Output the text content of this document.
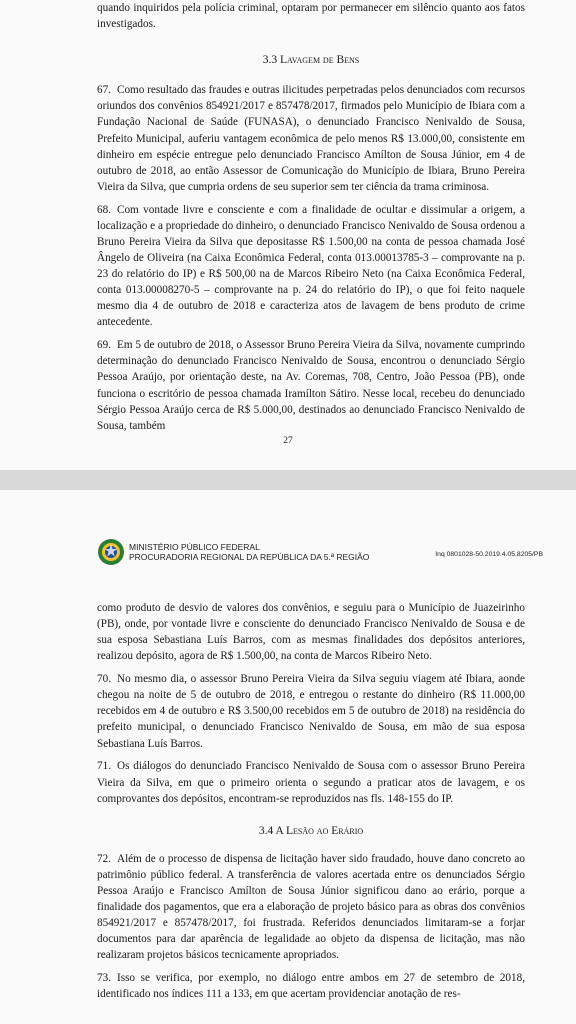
quando inquiridos pela polícia criminal, optaram por permanecer em silêncio quanto aos fatos investigados.

3.3 Lavagem de Bens

67. Como resultado das fraudes e outras ilicitudes perpetradas pelos denunciados com recursos oriundos dos convênios 854921/2017 e 857478/2017, firmados pelo Município de Ibiara com a Fundação Nacional de Saúde (FUNASA), o denunciado Francisco Nenivaldo de Sousa, Prefeito Municipal, auferiu vantagem econômica de pelo menos R$ 13.000,00, consistente em dinheiro em espécie entregue pelo denunciado Francisco Amílton de Sousa Júnior, em 4 de outubro de 2018, ao então Assessor de Comunicação do Município de Ibiara, Bruno Pereira Vieira da Silva, que cumpria ordens de seu superior sem ter ciência da trama criminosa.

68. Com vontade livre e consciente e com a finalidade de ocultar e dissimular a origem, a localização e a propriedade do dinheiro, o denunciado Francisco Nenivaldo de Sousa ordenou a Bruno Pereira Vieira da Silva que depositasse R$ 1.500,00 na conta de pessoa chamada José Ângelo de Oliveira (na Caixa Econômica Federal, conta 013.00013785-3 – comprovante na p. 23 do relatório do IP) e R$ 500,00 na de Marcos Ribeiro Neto (na Caixa Econômica Federal, conta 013.00008270-5 – comprovante na p. 24 do relatório do IP), o que foi feito naquele mesmo dia 4 de outubro de 2018 e caracteriza atos de lavagem de bens produto de crime antecedente.

69. Em 5 de outubro de 2018, o Assessor Bruno Pereira Vieira da Silva, novamente cumprindo determinação do denunciado Francisco Nenivaldo de Sousa, encontrou o denunciado Sérgio Pessoa Araújo, por orientação deste, na Av. Coremas, 708, Centro, João Pessoa (PB), onde funciona o escritório de pessoa chamada Iramílton Sátiro. Nesse local, recebeu do denunciado Sérgio Pessoa Araújo cerca de R$ 5.000,00, destinados ao denunciado Francisco Nenivaldo de Sousa, também

27
MINISTÉRIO PÚBLICO FEDERAL
PROCURADORIA REGIONAL DA REPÚBLICA DA 5.ª REGIÃO	Inq 0801028-50.2019.4.05.8205/PB

como produto de desvio de valores dos convênios, e seguiu para o Município de Juazeirinho (PB), onde, por vontade livre e consciente do denunciado Francisco Nenivaldo de Sousa e de sua esposa Sebastiana Luís Barros, com as mesmas finalidades dos depósitos anteriores, realizou depósito, agora de R$ 1.500,00, na conta de Marcos Ribeiro Neto.

70. No mesmo dia, o assessor Bruno Pereira Vieira da Silva seguiu viagem até Ibiara, aonde chegou na noite de 5 de outubro de 2018, e entregou o restante do dinheiro (R$ 11.000,00 recebidos em 4 de outubro e R$ 3.500,00 recebidos em 5 de outubro de 2018) na residência do prefeito municipal, o denunciado Francisco Nenivaldo de Sousa, em mão de sua esposa Sebastiana Luís Barros.

71. Os diálogos do denunciado Francisco Nenivaldo de Sousa com o assessor Bruno Pereira Vieira da Silva, em que o primeiro orienta o segundo a praticar atos de lavagem, e os comprovantes dos depósitos, encontram-se reproduzidos nas fls. 148-155 do IP.

3.4 A Lesão ao Erário

72. Além de o processo de dispensa de licitação haver sido fraudado, houve dano concreto ao patrimônio público federal. A transferência de valores acertada entre os denunciados Sérgio Pessoa Araújo e Francisco Amílton de Sousa Júnior significou dano ao erário, porque a finalidade dos pagamentos, que era a elaboração de projeto básico para as obras dos convênios 854921/2017 e 857478/2017, foi frustrada. Referidos denunciados limitaram-se a forjar documentos para dar aparência de legalidade ao objeto da dispensa de licitação, mas não realizaram projetos básicos tecnicamente apropriados.

73. Isso se verifica, por exemplo, no diálogo entre ambos em 27 de setembro de 2018, identificado nos índices 111 a 133, em que acertam providenciar anotação de res-
